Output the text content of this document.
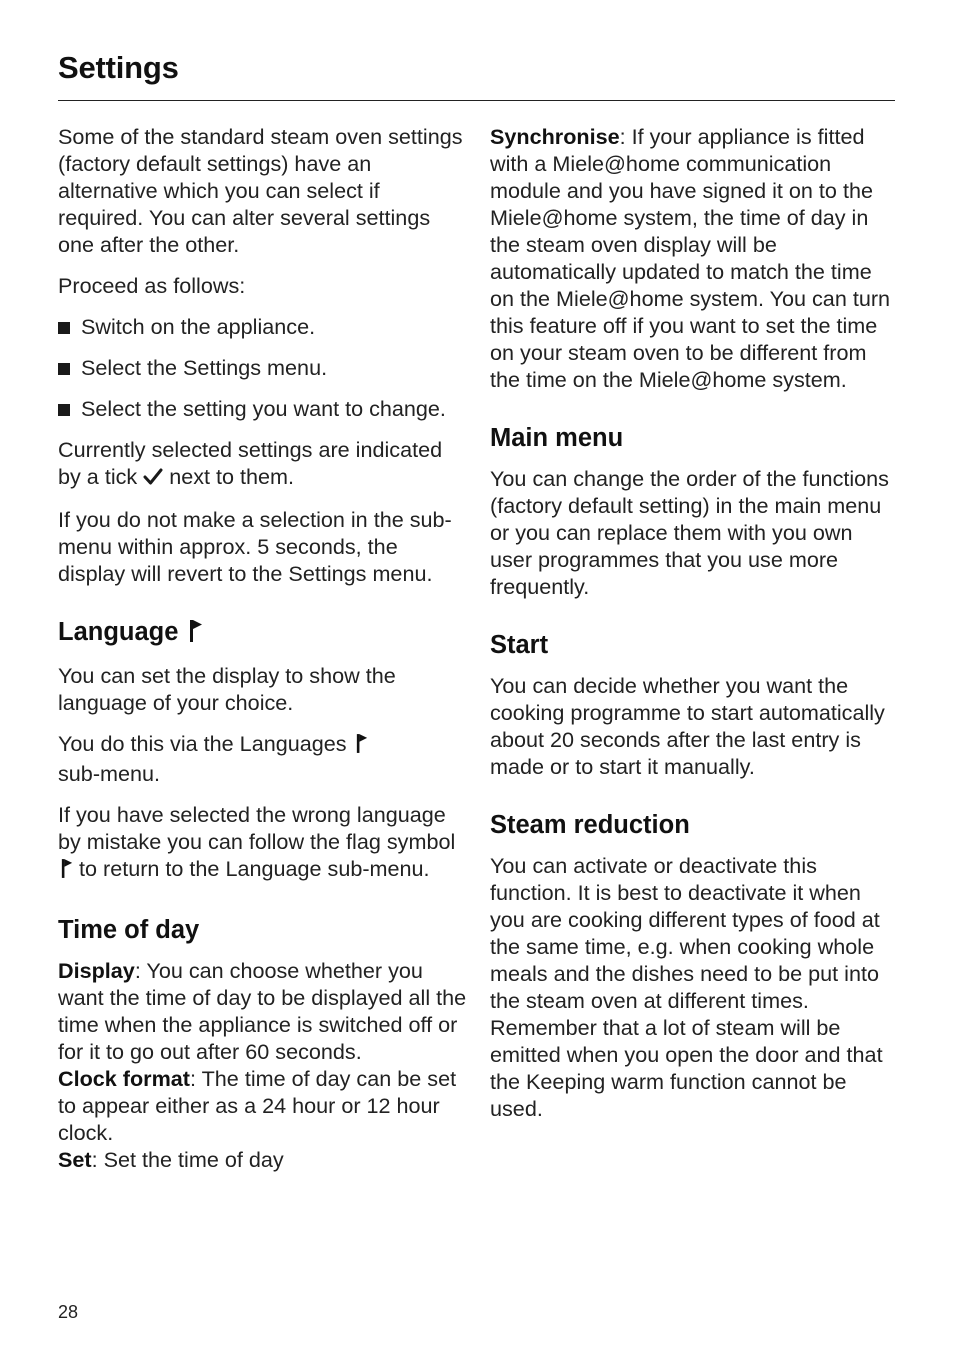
Settings

Some of the standard steam oven settings (factory default settings) have an alternative which you can select if required. You can alter several settings one after the other.

Proceed as follows:

Switch on the appliance.
Select the Settings menu.
Select the setting you want to change.

Currently selected settings are indicated by a tick next to them.

If you do not make a selection in the sub-menu within approx. 5 seconds, the display will revert to the Settings menu.

Language

You can set the display to show the language of your choice.

You do this via the Languages
sub-menu.

If you have selected the wrong language by mistake you can follow the flag symbol  to return to the Language sub-menu.

Time of day

Display: You can choose whether you want the time of day to be displayed all the time when the appliance is switched off or for it to go out after 60 seconds.

Clock format: The time of day can be set to appear either as a 24 hour or 12 hour clock.

Set: Set the time of day

Synchronise: If your appliance is fitted with a Miele@home communication module and you have signed it on to the Miele@home system, the time of day in the steam oven display will be automatically updated to match the time on the Miele@home system. You can turn this feature off if you want to set the time on your steam oven to be different from the time on the Miele@home system.

Main menu

You can change the order of the functions (factory default setting) in the main menu or you can replace them with you own user programmes that you use more frequently.

Start

You can decide whether you want the cooking programme to start automatically about 20 seconds after the last entry is made or to start it manually.

Steam reduction

You can activate or deactivate this function. It is best to deactivate it when you are cooking different types of food at the same time, e.g. when cooking whole meals and the dishes need to be put into the steam oven at different times. Remember that a lot of steam will be emitted when you open the door and that the Keeping warm function cannot be used.

28
